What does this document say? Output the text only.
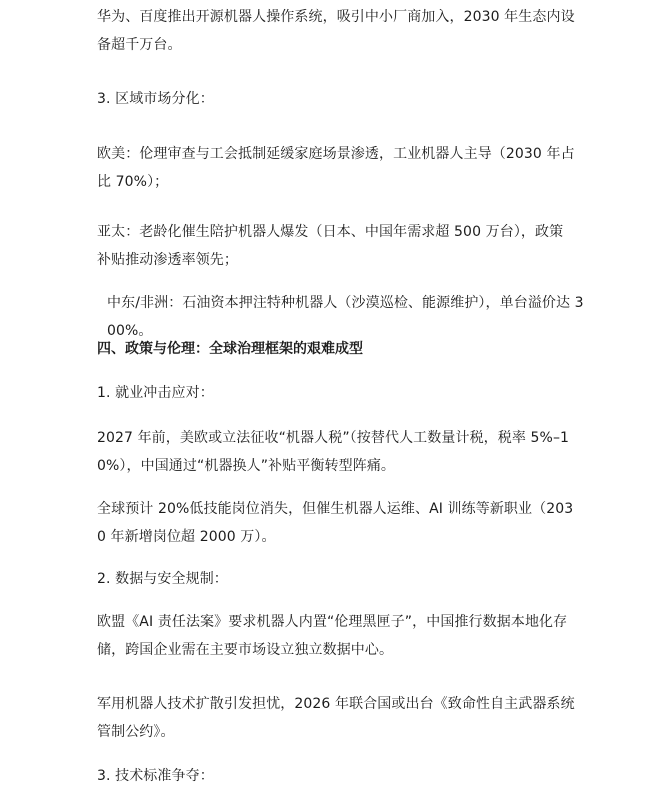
华为、百度推出开源机器人操作系统，吸引中小厂商加入，2030 年生态内设备超千万台。
3. 区域市场分化：
欧美：伦理审查与工会抵制延缓家庭场景渗透，工业机器人主导（2030 年占比 70%）；
亚太：老龄化催生陪护机器人爆发（日本、中国年需求超 500 万台），政策补贴推动渗透率领先；
中东/非洲：石油资本押注特种机器人（沙漠巡检、能源维护），单台溢价达 300%。
四、政策与伦理：全球治理框架的艰难成型
1. 就业冲击应对：
2027 年前，美欧或立法征收“机器人税”（按替代人工数量计税，税率 5%–10%），中国通过“机器换人”补贴平衡转型阵痛。
全球预计 20%低技能岗位消失，但催生机器人运维、AI 训练等新职业（2030 年新增岗位超 2000 万）。
2. 数据与安全规制：
欧盟《AI 责任法案》要求机器人内置“伦理黑匣子”，中国推行数据本地化存储，跨国企业需在主要市场设立独立数据中心。
军用机器人技术扩散引发担忧，2026 年联合国或出台《致命性自主武器系统管制公约》。
3. 技术标准争夺：
